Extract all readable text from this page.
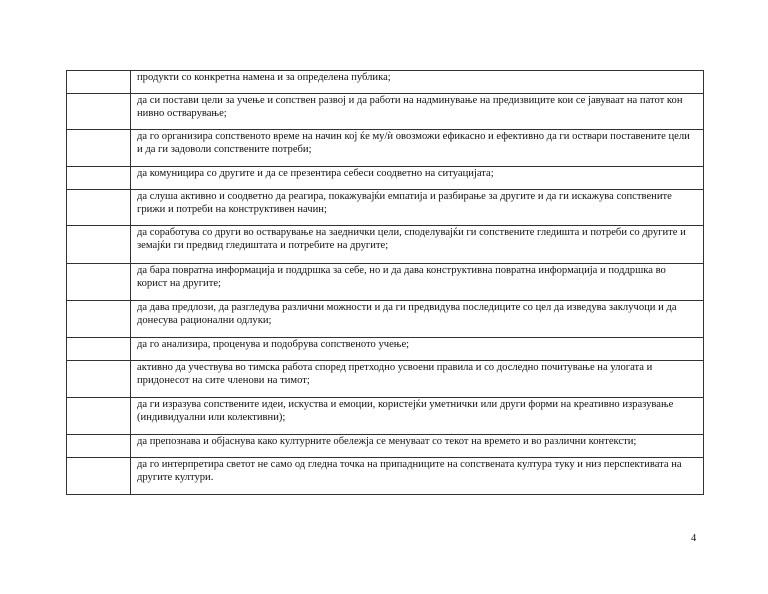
	продукти со конкретна намена и за определена публика;
	да си постави цели за учење и сопствен развој и да работи на надминување на предизвиците кои се јавуваат на патот кон нивно остварување;
	да го организира сопственото време на начин кој ќе му/ѝ овозможи ефикасно и ефективно да ги оствари поставените цели и да ги задоволи сопствените потреби;
	да комуницира со другите и да се презентира себеси соодветно на ситуацијата;
	да слуша активно и соодветно да реагира, покажувајќи емпатија и разбирање за другите и да ги искажува сопствените грижи и потреби на конструктивен начин;
	да соработува со други во остварување на заеднички цели, споделувајќи ги сопствените гледишта и потреби со другите и земајќи ги предвид гледиштата и потребите на другите;
	да бара повратна информација и поддршка за себе, но и да дава конструктивна повратна информација и поддршка во корист на другите;
	да дава предлози, да разгледува различни можности и да ги предвидува последиците со цел да изведува заклучоци и да донесува рационални одлуки;
	да го анализира, проценува и подобрува сопственото учење;
	активно да учествува во тимска работа според претходно усвоени правила и со доследно почитување на улогата и придонесот на сите членови на тимот;
	да ги изразува сопствените идеи, искуства и емоции, користејќи уметнички или други форми на креативно изразување (индивидуални или колективни);
	да препознава и објаснува како културните обележја се менуваат со текот на времето и во различни контексти;
	да го интерпретира светот не само од гледна точка на припадниците на сопствената култура туку и низ перспективата на другите култури.
4
